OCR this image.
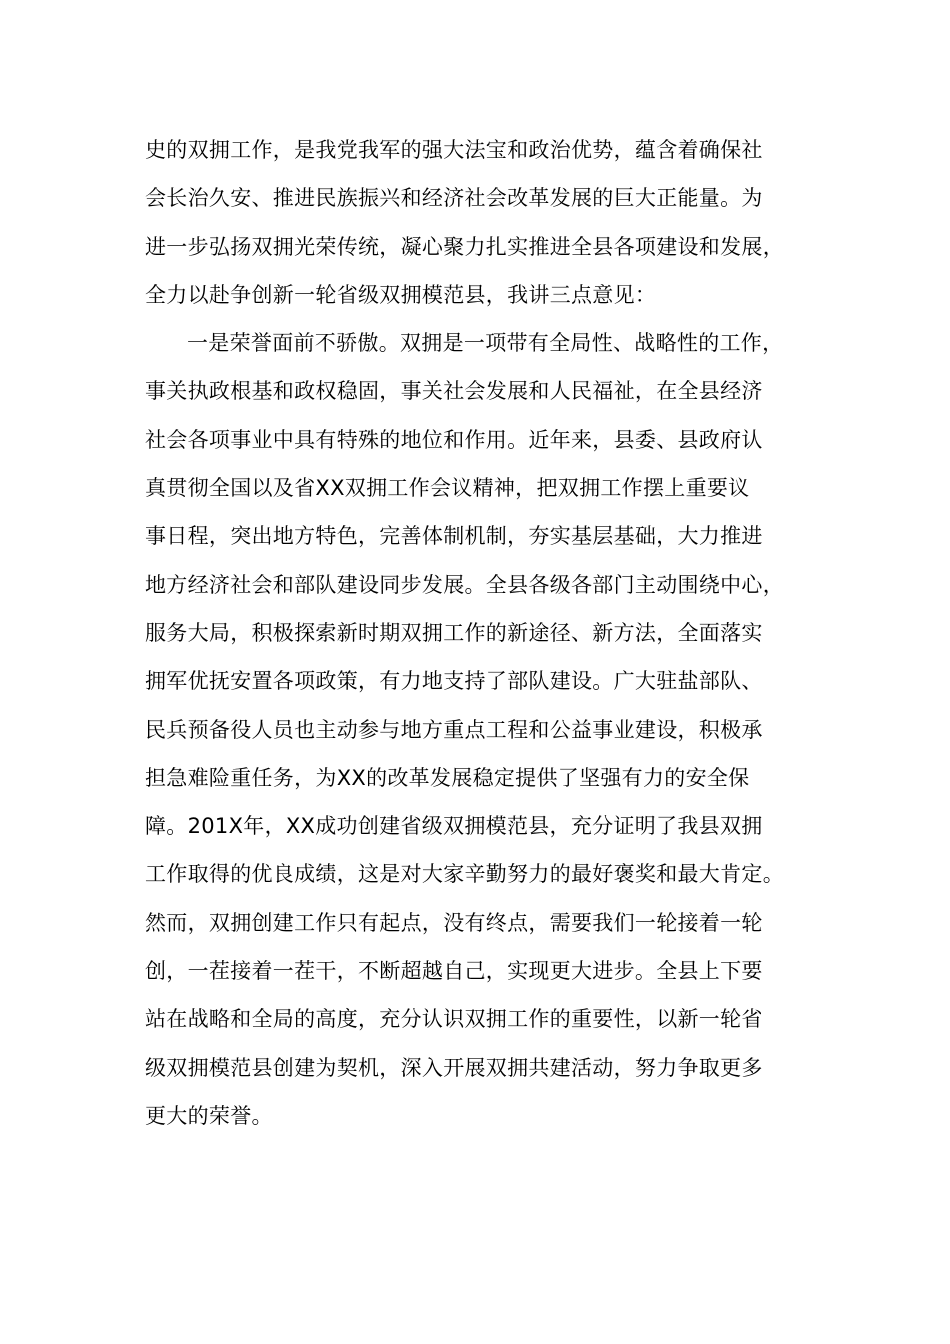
史的双拥工作，是我党我军的强大法宝和政治优势，蕴含着确保社
会长治久安、推进民族振兴和经济社会改革发展的巨大正能量。为
进一步弘扬双拥光荣传统，凝心聚力扎实推进全县各项建设和发展，
全力以赴争创新一轮省级双拥模范县，我讲三点意见：
一是荣誉面前不骄傲。双拥是一项带有全局性、战略性的工作，
事关执政根基和政权稳固，事关社会发展和人民福祉，在全县经济
社会各项事业中具有特殊的地位和作用。近年来，县委、县政府认
真贯彻全国以及省XX双拥工作会议精神，把双拥工作摆上重要议
事日程，突出地方特色，完善体制机制，夯实基层基础，大力推进
地方经济社会和部队建设同步发展。全县各级各部门主动围绕中心，
服务大局，积极探索新时期双拥工作的新途径、新方法，全面落实
拥军优抚安置各项政策，有力地支持了部队建设。广大驻盐部队、
民兵预备役人员也主动参与地方重点工程和公益事业建设，积极承
担急难险重任务，为XX的改革发展稳定提供了坚强有力的安全保
障。201X年，XX成功创建省级双拥模范县，充分证明了我县双拥
工作取得的优良成绩，这是对大家辛勤努力的最好褒奖和最大肯定。
然而，双拥创建工作只有起点，没有终点，需要我们一轮接着一轮
创，一茬接着一茬干，不断超越自己，实现更大进步。全县上下要
站在战略和全局的高度，充分认识双拥工作的重要性，以新一轮省
级双拥模范县创建为契机，深入开展双拥共建活动，努力争取更多
更大的荣誉。
